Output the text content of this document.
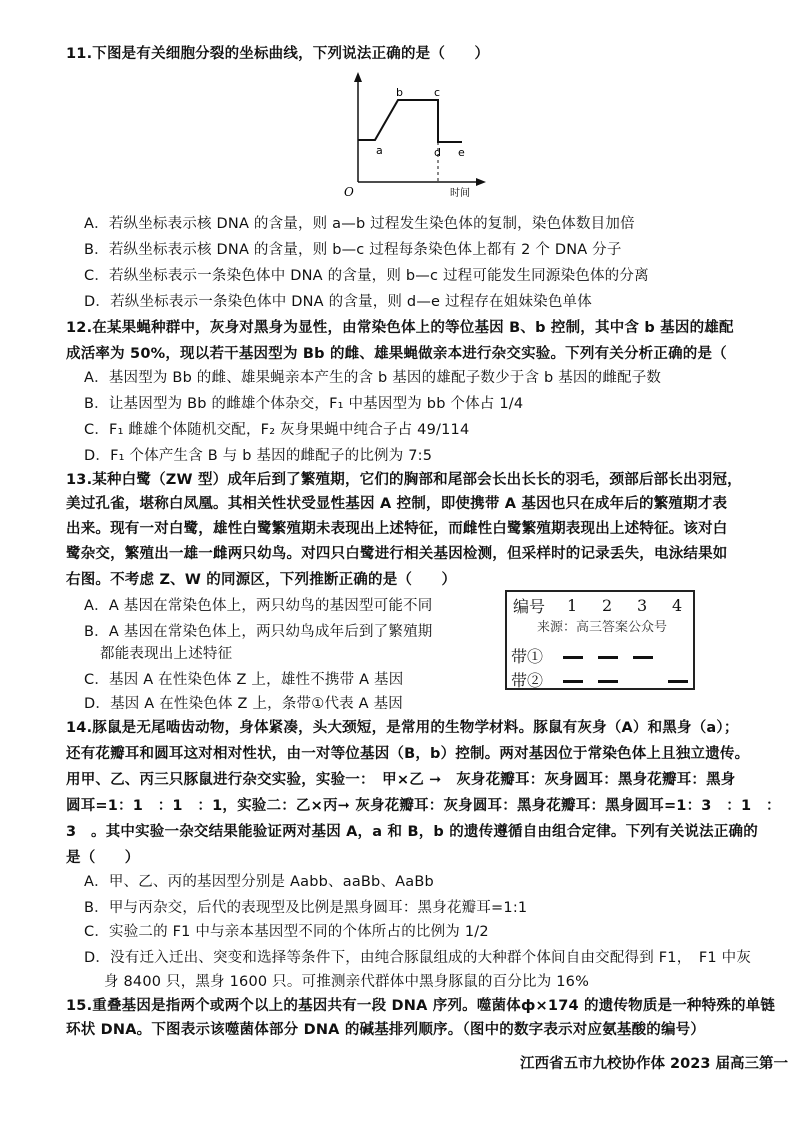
11.下图是有关细胞分裂的坐标曲线，下列说法正确的是（　　）
O
a
b	c
d e
时间
A．若纵坐标表示核 DNA 的含量，则 a—b 过程发生染色体的复制，染色体数目加倍
B．若纵坐标表示核 DNA 的含量，则 b—c 过程每条染色体上都有 2 个 DNA 分子
C．若纵坐标表示一条染色体中 DNA 的含量，则 b—c 过程可能发生同源染色体的分离
D．若纵坐标表示一条染色体中 DNA 的含量，则 d—e 过程存在姐妹染色单体
12.在某果蝇种群中，灰身对黑身为显性，由常染色体上的等位基因 B、b 控制，其中含 b 基因的雄配
成活率为 50%，现以若干基因型为 Bb 的雌、雄果蝇做亲本进行杂交实验。下列有关分析正确的是（
A．基因型为 Bb 的雌、雄果蝇亲本产生的含 b 基因的雄配子数少于含 b 基因的雌配子数
B．让基因型为 Bb 的雌雄个体杂交，F₁ 中基因型为 bb 个体占 1/4
C．F₁ 雌雄个体随机交配，F₂ 灰身果蝇中纯合子占 49/114
D．F₁ 个体产生含 B 与 b 基因的雌配子的比例为 7:5
13.某种白鹭（ZW 型）成年后到了繁殖期，它们的胸部和尾部会长出长长的羽毛，颈部后部长出羽冠，
美过孔雀，堪称白凤凰。其相关性状受显性基因 A 控制，即使携带 A 基因也只在成年后的繁殖期才表
出来。现有一对白鹭，雄性白鹭繁殖期未表现出上述特征，而雌性白鹭繁殖期表现出上述特征。该对白
鹭杂交，繁殖出一雄一雌两只幼鸟。对四只白鹭进行相关基因检测，但采样时的记录丢失，电泳结果如
右图。不考虑 Z、W 的同源区，下列推断正确的是（　　）
A．A 基因在常染色体上，两只幼鸟的基因型可能不同
B．A 基因在常染色体上，两只幼鸟成年后到了繁殖期
都能表现出上述特征
C．基因 A 在性染色体 Z 上，雄性不携带 A 基因
D．基因 A 在性染色体 Z 上，条带①代表 A 基因
编号 1 2 3 4
来源：高三答案公众号
带①
带②
14.豚鼠是无尾啮齿动物，身体紧凑，头大颈短，是常用的生物学材料。豚鼠有灰身（A）和黑身（a）；
还有花瓣耳和圆耳这对相对性状，由一对等位基因（B，b）控制。两对基因位于常染色体上且独立遗传。
用甲、乙、丙三只豚鼠进行杂交实验，实验一：　甲×乙 ➞　灰身花瓣耳：灰身圆耳：黑身花瓣耳：黑身
圆耳=1：1　：1　：1，实验二：乙×丙➞ 灰身花瓣耳：灰身圆耳：黑身花瓣耳：黑身圆耳=1：3　：1　：
3　。其中实验一杂交结果能验证两对基因 A，a 和 B，b 的遗传遵循自由组合定律。下列有关说法正确的
是（　　）
A．甲、乙、丙的基因型分别是 Aabb、aaBb、AaBb
B．甲与丙杂交，后代的表现型及比例是黑身圆耳：黑身花瓣耳=1:1
C．实验二的 F1 中与亲本基因型不同的个体所占的比例为 1/2
D．没有迁入迁出、突变和选择等条件下，由纯合豚鼠组成的大种群个体间自由交配得到 F1，　F1 中灰
身 8400 只，黑身 1600 只。可推测亲代群体中黑身豚鼠的百分比为 16%
15.重叠基因是指两个或两个以上的基因共有一段 DNA 序列。噬菌体ф×174 的遗传物质是一种特殊的单链
环状 DNA。下图表示该噬菌体部分 DNA 的碱基排列顺序。（图中的数字表示对应氨基酸的编号）
江西省五市九校协作体 2023 届高三第一
